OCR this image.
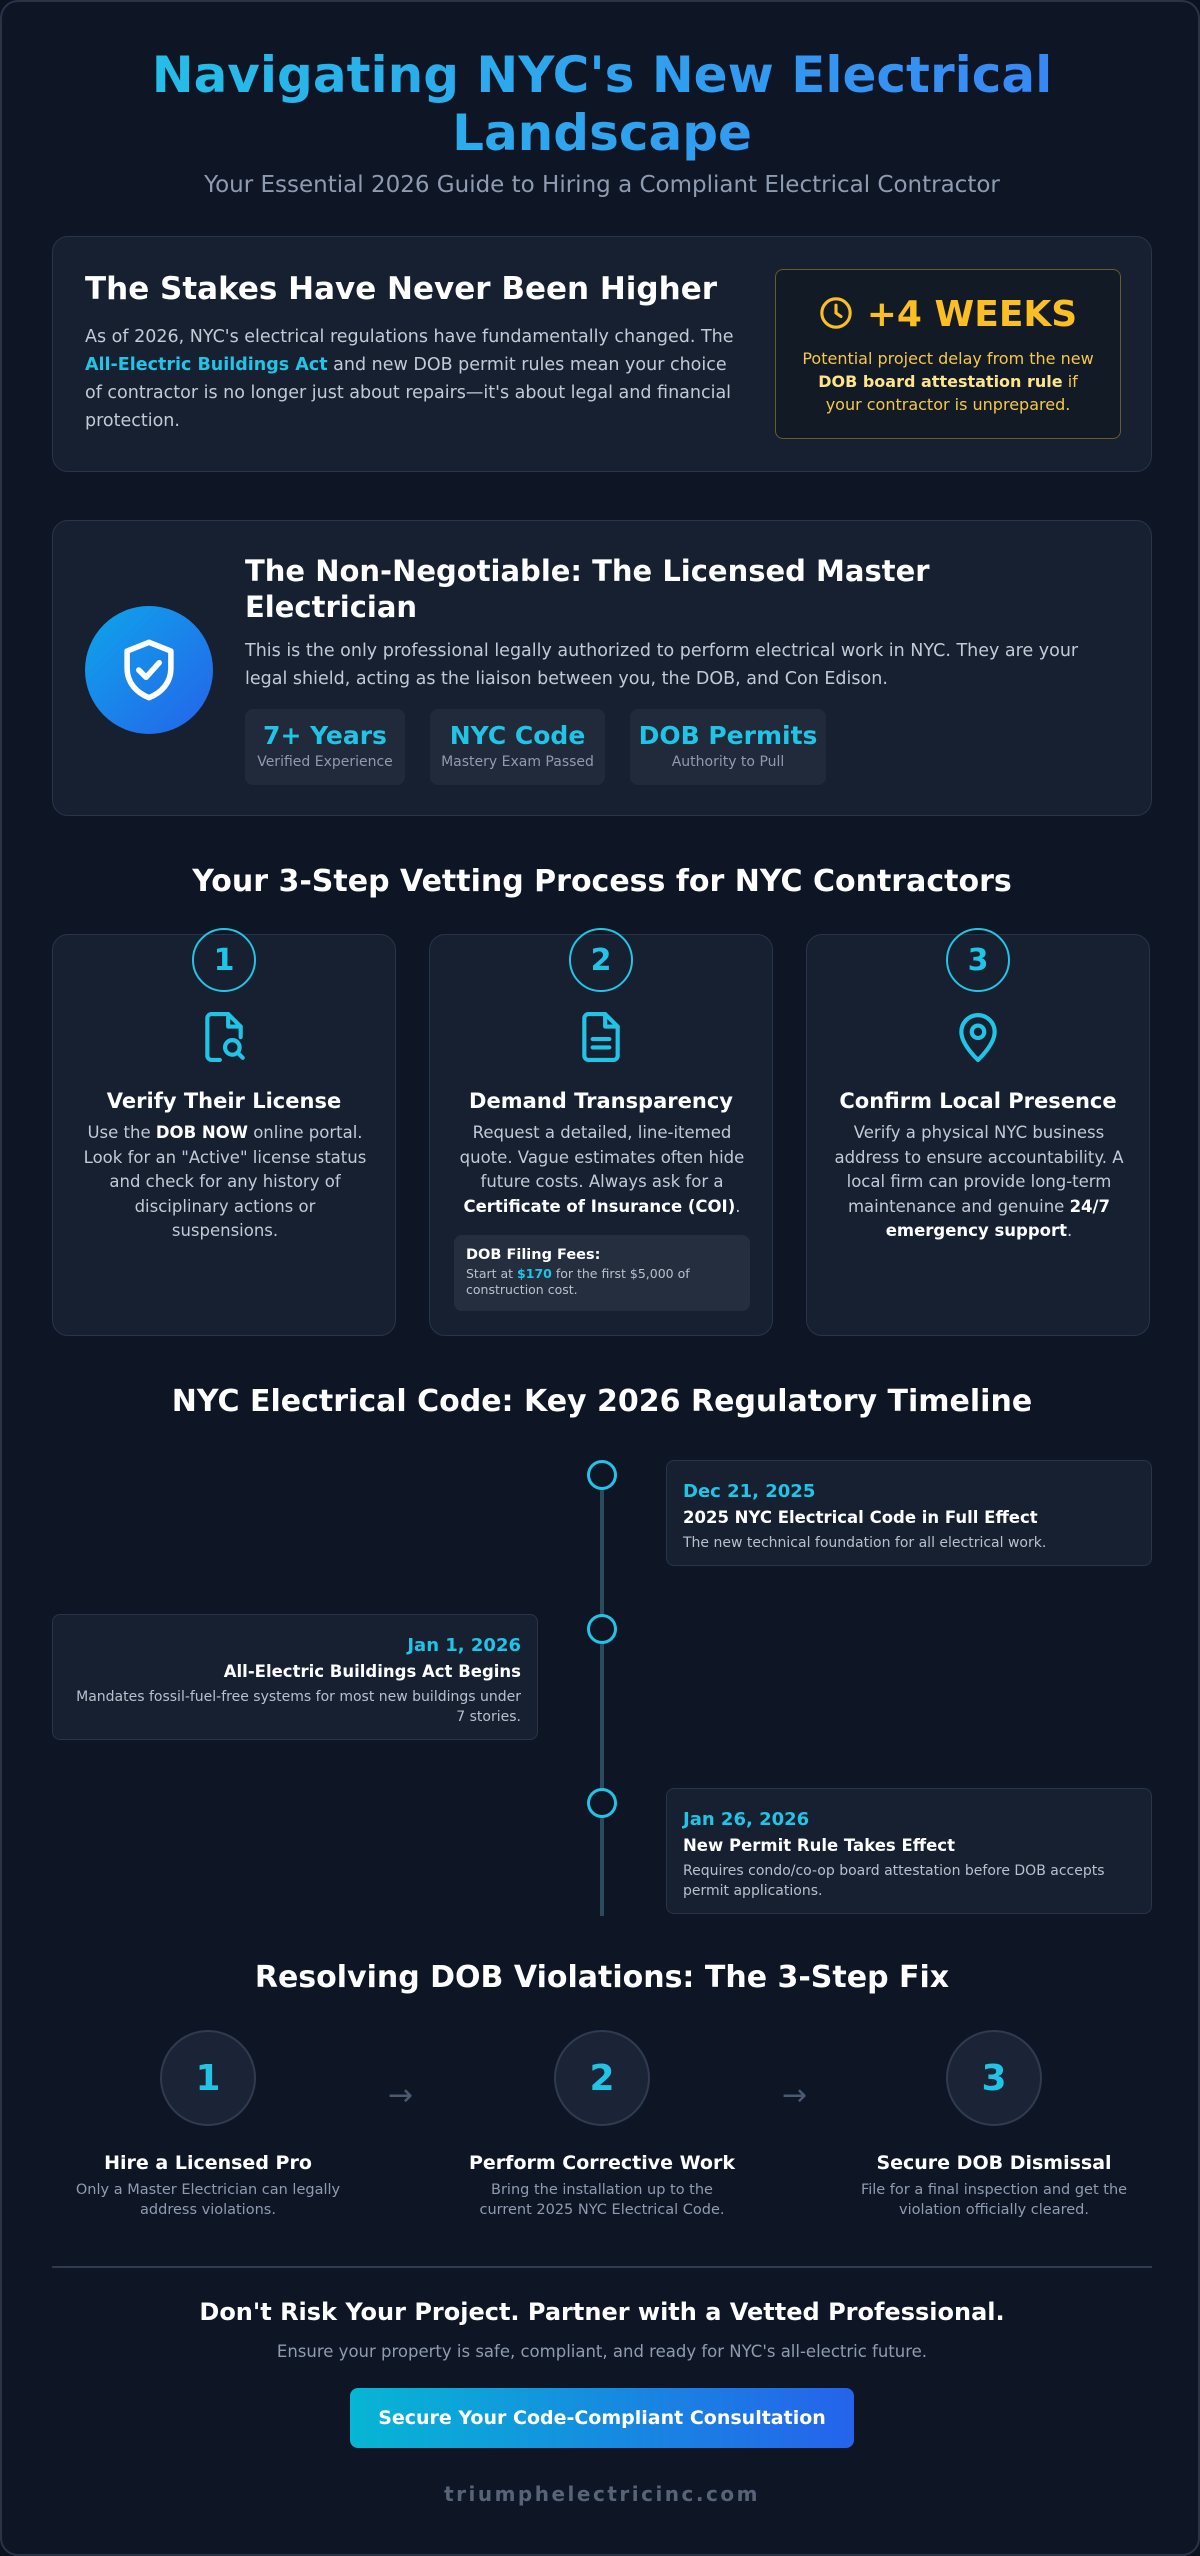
Navigating NYC's New Electrical Landscape
Your Essential 2026 Guide to Hiring a Compliant Electrical Contractor
The Stakes Have Never Been Higher
As of 2026, NYC's electrical regulations have fundamentally changed. The All-Electric Buildings Act and new DOB permit rules mean your choice of contractor is no longer just about repairs—it's about legal and financial protection.
+4 WEEKS
Potential project delay from the new DOB board attestation rule if your contractor is unprepared.
The Non-Negotiable: The Licensed Master Electrician
This is the only professional legally authorized to perform electrical work in NYC. They are your legal shield, acting as the liaison between you, the DOB, and Con Edison.
7+ Years
Verified Experience
NYC Code
Mastery Exam Passed
DOB Permits
Authority to Pull
Your 3-Step Vetting Process for NYC Contractors
1
Verify Their License
Use the DOB NOW online portal. Look for an "Active" license status and check for any history of disciplinary actions or suspensions.
2
Demand Transparency
Request a detailed, line-itemed quote. Vague estimates often hide future costs. Always ask for a Certificate of Insurance (COI).
DOB Filing Fees:
Start at $170 for the first $5,000 of construction cost.
3
Confirm Local Presence
Verify a physical NYC business address to ensure accountability. A local firm can provide long-term maintenance and genuine 24/7 emergency support.
NYC Electrical Code: Key 2026 Regulatory Timeline
Dec 21, 2025
2025 NYC Electrical Code in Full Effect
The new technical foundation for all electrical work.
Jan 1, 2026
All-Electric Buildings Act Begins
Mandates fossil-fuel-free systems for most new buildings under 7 stories.
Jan 26, 2026
New Permit Rule Takes Effect
Requires condo/co-op board attestation before DOB accepts permit applications.
Resolving DOB Violations: The 3-Step Fix
1
Hire a Licensed Pro
Only a Master Electrician can legally address violations.
→	2
Perform Corrective Work
Bring the installation up to the current 2025 NYC Electrical Code.
→	3
Secure DOB Dismissal
File for a final inspection and get the violation officially cleared.
Don't Risk Your Project. Partner with a Vetted Professional.
Ensure your property is safe, compliant, and ready for NYC's all-electric future.
Secure Your Code-Compliant Consultation
triumphelectricinc.com
